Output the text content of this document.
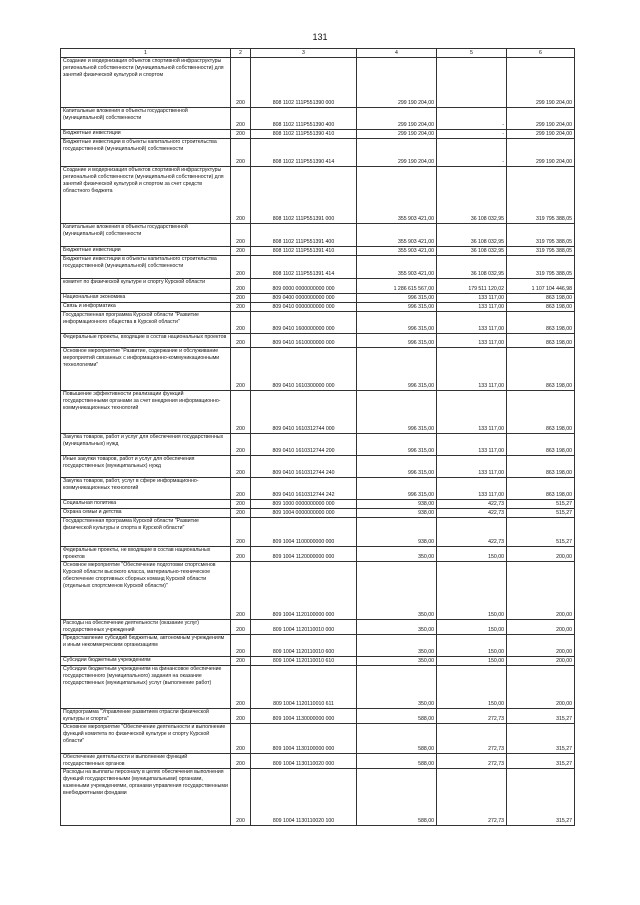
131
1	2	3	4	5	6
Создание и модернизация объектов спортивной инфраструктуры региональной собственности (муниципальной собственности) для занятий физической культурой и спортом	200	808 1102 111P551390 000	299 190 204,00		299 190 204,00
Капитальные вложения в объекты государственной (муниципальной) собственности	200	808 1102 111P551390 400	299 190 204,00	-	299 190 204,00
Бюджетные инвестиции	200	808 1102 111P551390 410	299 190 204,00	-	299 190 204,00
Бюджетные инвестиции в объекты капитального строительства государственной (муниципальной) собственности	200	808 1102 111P551390 414	299 190 204,00	-	299 190 204,00
Создание и модернизация объектов спортивной инфраструктуры региональной собственности (муниципальной собственности) для занятий физической культурой и спортом за счет средств областного бюджета	200	808 1102 111P551391 000	355 903 421,00	36 108 032,95	319 795 388,05
Капитальные вложения в объекты государственной (муниципальной) собственности	200	808 1102 111P551391 400	355 903 421,00	36 108 032,95	319 795 388,05
Бюджетные инвестиции	200	808 1102 111P551391 410	355 903 421,00	36 108 032,95	319 795 388,05
Бюджетные инвестиции в объекты капитального строительства государственной (муниципальной) собственности	200	808 1102 111P551391 414	355 903 421,00	36 108 032,95	319 795 388,05
комитет по физической культуре и спорту Курской области	200	809 0000 0000000000 000	1 286 615 567,00	179 511 120,02	1 107 104 446,98
Национальная экономика	200	809 0400 0000000000 000	996 315,00	133 117,00	863 198,00
Связь и информатика	200	809 0410 0000000000 000	996 315,00	133 117,00	863 198,00
Государственная программа Курской области "Развитие информационного общества в Курской области"	200	809 0410 1600000000 000	996 315,00	133 117,00	863 198,00
Федеральные проекты, входящие в состав национальных проектов	200	809 0410 1610000000 000	996 315,00	133 117,00	863 198,00
Основное мероприятие "Развитие, содержание и обслуживание мероприятий связанных с информационно-коммуникационными технологиями"	200	809 0410 1610300000 000	996 315,00	133 117,00	863 198,00
Повышение эффективности реализации функций государственными органами за счет внедрения информационно-коммуникационных технологий	200	809 0410 1610312744 000	996 315,00	133 117,00	863 198,00
Закупка товаров, работ и услуг для обеспечения государственных (муниципальных) нужд	200	809 0410 1610312744 200	996 315,00	133 117,00	863 198,00
Иные закупки товаров, работ и услуг для обеспечения государственных (муниципальных) нужд	200	809 0410 1610312744 240	996 315,00	133 117,00	863 198,00
Закупка товаров, работ, услуг в сфере информационно-коммуникационных технологий	200	809 0410 1610312744 242	996 315,00	133 117,00	863 198,00
Социальная политика	200	809 1000 0000000000 000	938,00	422,73	515,27
Охрана семьи и детства	200	809 1004 0000000000 000	938,00	422,73	515,27
Государственная программа Курской области "Развитие физической культуры и спорта в Курской области"	200	809 1004 1100000000 000	938,00	422,73	515,27
Федеральные проекты, не входящие в состав национальных проектов	200	809 1004 1120000000 000	350,00	150,00	200,00
Основное мероприятие "Обеспечение подготовки спортсменов Курской области высокого класса, материально-техническое обеспечение спортивных сборных команд Курской области (отдельных спортсменов Курской области)"	200	809 1004 1120100000 000	350,00	150,00	200,00
Расходы на обеспечение деятельности (оказание услуг) государственных учреждений	200	809 1004 1120110010 000	350,00	150,00	200,00
Предоставление субсидий бюджетным, автономным учреждениям и иным некоммерческим организациям	200	809 1004 1120110010 600	350,00	150,00	200,00
Субсидии бюджетным учреждениям	200	809 1004 1120110010 610	350,00	150,00	200,00
Субсидии бюджетным учреждениям на финансовое обеспечение государственного (муниципального) задания на оказание государственных (муниципальных) услуг (выполнение работ)	200	809 1004 1120110010 611	350,00	150,00	200,00
Подпрограмма "Управление развитием отрасли физической культуры и спорта"	200	809 1004 1130000000 000	588,00	272,73	315,27
Основное мероприятие "Обеспечение деятельности и выполнение функций комитета по физической культуре и спорту Курской области"	200	809 1004 1130100000 000	588,00	272,73	315,27
Обеспечение деятельности и выполнение функций государственных органов	200	809 1004 1130110020 000	588,00	272,73	315,27
Расходы на выплаты персоналу в целях обеспечения выполнения функций государственными (муниципальными) органами, казенными учреждениями, органами управления государственными внебюджетными фондами	200	809 1004 1130110020 100	588,00	272,73	315,27
